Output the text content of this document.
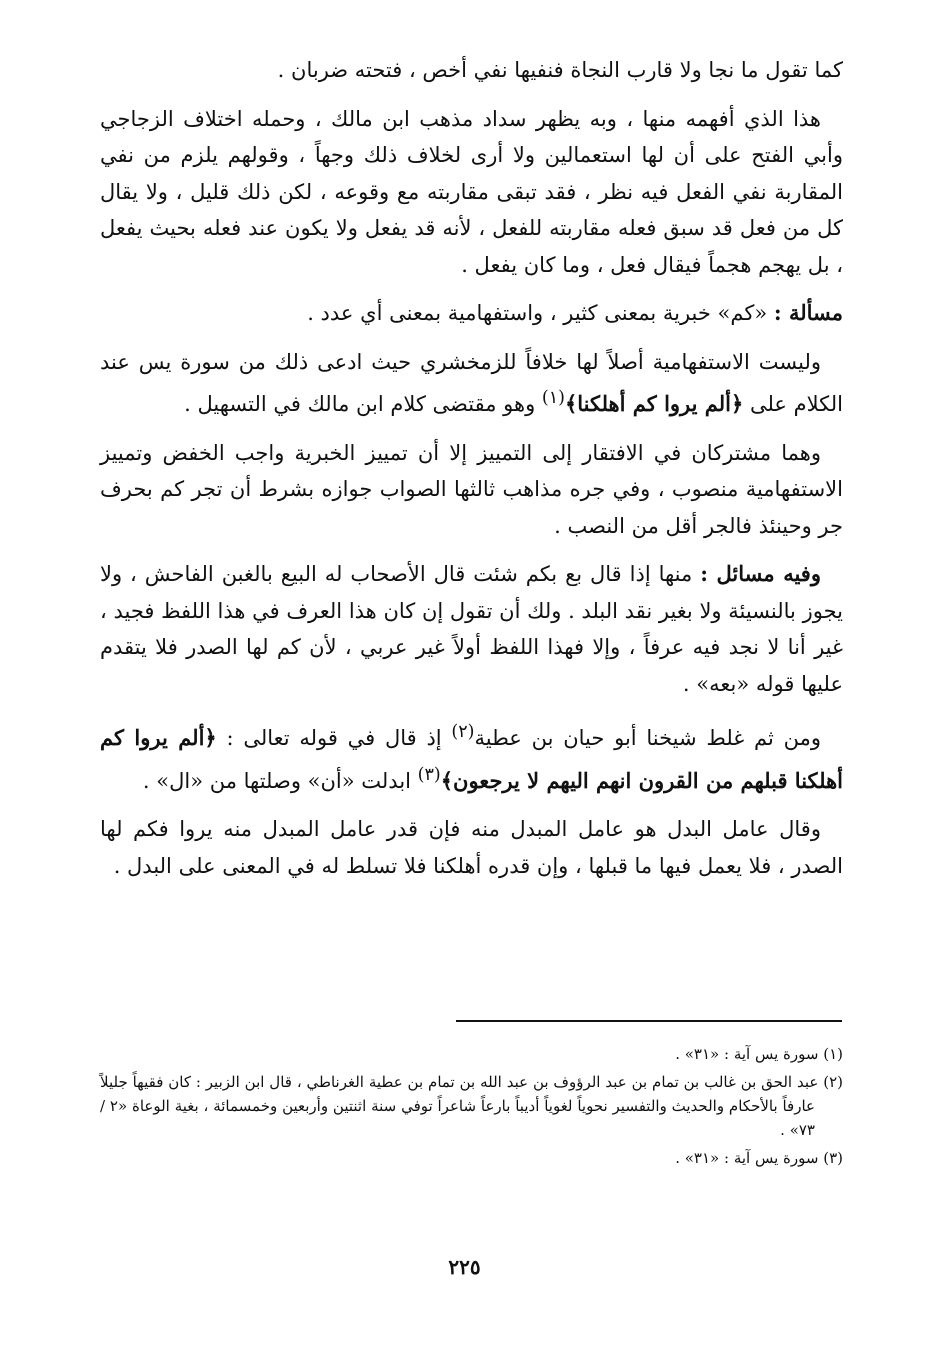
كما تقول ما نجا ولا قارب النجاة فنفيها نفي أخص ، فتحته ضربان .

هذا الذي أفهمه منها ، وبه يظهر سداد مذهب ابن مالك ، وحمله اختلاف الزجاجي وأبي الفتح على أن لها استعمالين ولا أرى لخلاف ذلك وجهاً ، وقولهم يلزم من نفي المقاربة نفي الفعل فيه نظر ، فقد تبقى مقاربته مع وقوعه ، لكن ذلك قليل ، ولا يقال كل من فعل قد سبق فعله مقاربته للفعل ، لأنه قد يفعل ولا يكون عند فعله بحيث يفعل ، بل يهجم هجماً فيقال فعل ، وما كان يفعل .

مسألة : «كم» خبرية بمعنى كثير ، واستفهامية بمعنى أي عدد .

وليست الاستفهامية أصلاً لها خلافاً للزمخشري حيث ادعى ذلك من سورة يس عند الكلام على ﴿ألم يروا كم أهلكنا﴾$^{(١)}$ وهو مقتضى كلام ابن مالك في التسهيل .

وهما مشتركان في الافتقار إلى التمييز إلا أن تمييز الخبرية واجب الخفض وتمييز الاستفهامية منصوب ، وفي جره مذاهب ثالثها الصواب جوازه بشرط أن تجر كم بحرف جر وحينئذ فالجر أقل من النصب .

وفيه مسائل : منها إذا قال بع بكم شئت قال الأصحاب له البيع بالغبن الفاحش ، ولا يجوز بالنسيئة ولا بغير نقد البلد . ولك أن تقول إن كان هذا العرف في هذا اللفظ فجيد ، غير أنا لا نجد فيه عرفاً ، وإلا فهذا اللفظ أولاً غير عربي ، لأن كم لها الصدر فلا يتقدم عليها قوله «بعه» .

ومن ثم غلط شيخنا أبو حيان بن عطية$^{(٢)}$ إذ قال في قوله تعالى : ﴿ألم يروا كم أهلكنا قبلهم من القرون انهم اليهم لا يرجعون﴾$^{(٣)}$ ابدلت «أن» وصلتها من «ال» .

وقال عامل البدل هو عامل المبدل منه فإن قدر عامل المبدل منه يروا فكم لها الصدر ، فلا يعمل فيها ما قبلها ، وإن قدره أهلكنا فلا تسلط له في المعنى على البدل .

(١) سورة يس آية : «٣١» .
(٢) عبد الحق بن غالب بن تمام بن عبد الرؤوف بن عبد الله بن تمام بن عطية الغرناطي ، قال ابن الزبير : كان فقيهاً جليلاً عارفاً بالأحكام والحديث والتفسير نحوياً لغوياً أديباً بارعاً شاعراً توفي سنة اثنتين وأربعين وخمسمائة ، بغية الوعاة «٢ / ٧٣» .
(٣) سورة يس آية : «٣١» .
٢٢٥
